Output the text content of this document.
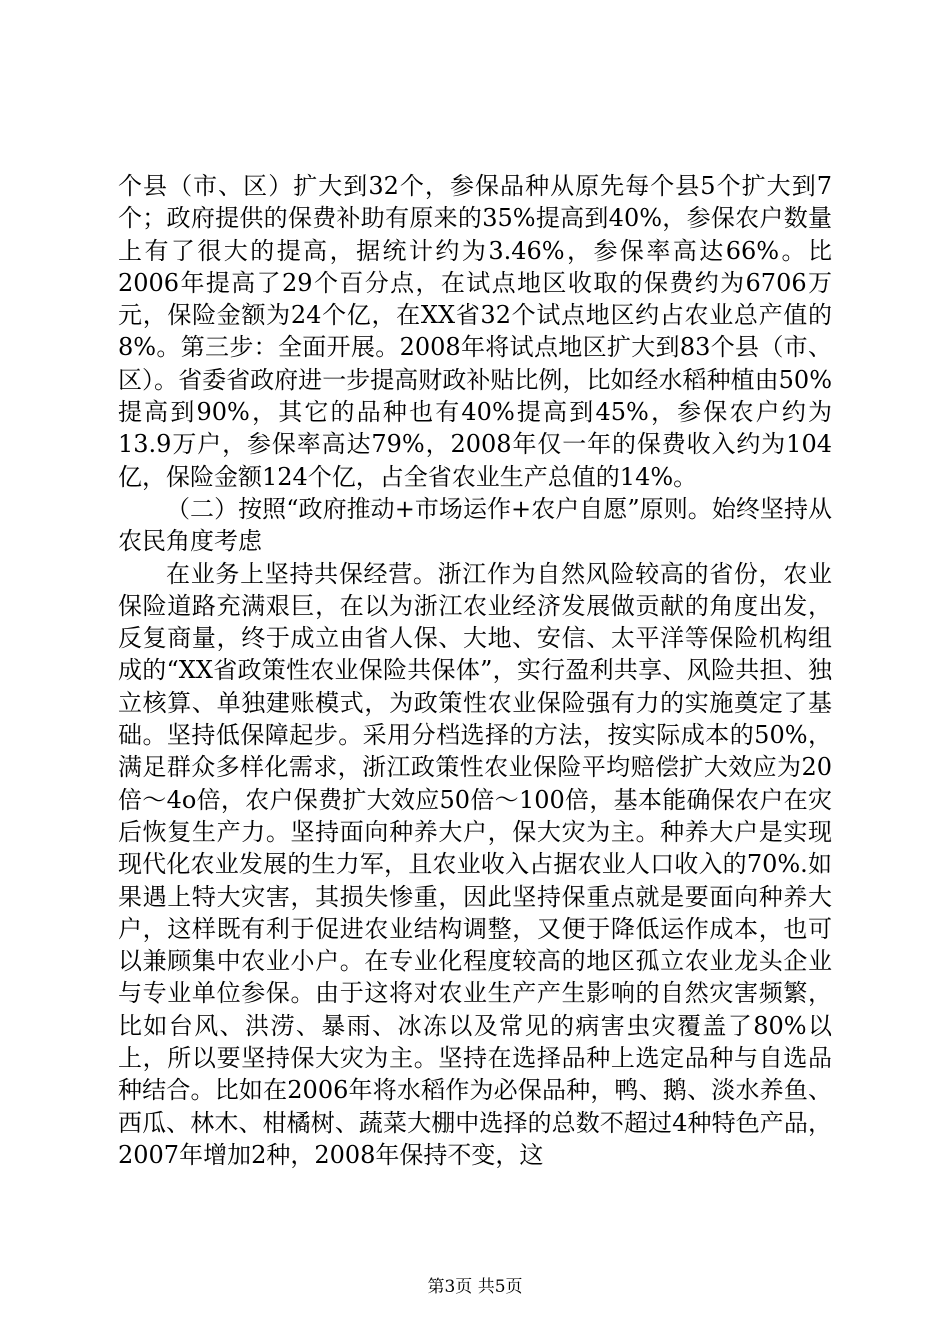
个县（市、区）扩大到32个，参保品种从原先每个县5个扩大到7个；政府提供的保费补助有原来的35%提高到40%，参保农户数量上有了很大的提高，据统计约为3.46%，参保率高达66%。比2006年提高了29个百分点，在试点地区收取的保费约为6706万元，保险金额为24个亿，在XX省32个试点地区约占农业总产值的8%。第三步：全面开展。2008年将试点地区扩大到83个县（市、区）。省委省政府进一步提高财政补贴比例，比如经水稻种植由50%提高到90%，其它的品种也有40%提高到45%，参保农户约为13.9万户，参保率高达79%，2008年仅一年的保费收入约为104亿，保险金额124个亿，占全省农业生产总值的14%。

（二）按照“政府推动+市场运作+农户自愿”原则。始终坚持从农民角度考虑

在业务上坚持共保经营。浙江作为自然风险较高的省份，农业保险道路充满艰巨，在以为浙江农业经济发展做贡献的角度出发，反复商量，终于成立由省人保、大地、安信、太平洋等保险机构组成的“XX省政策性农业保险共保体”，实行盈利共享、风险共担、独立核算、单独建账模式，为政策性农业保险强有力的实施奠定了基础。坚持低保障起步。采用分档选择的方法，按实际成本的50%，满足群众多样化需求，浙江政策性农业保险平均赔偿扩大效应为20倍～4o倍，农户保费扩大效应50倍～100倍，基本能确保农户在灾后恢复生产力。坚持面向种养大户，保大灾为主。种养大户是实现现代化农业发展的生力军，且农业收入占据农业人口收入的70%.如果遇上特大灾害，其损失惨重，因此坚持保重点就是要面向种养大户，这样既有利于促进农业结构调整，又便于降低运作成本，也可以兼顾集中农业小户。在专业化程度较高的地区孤立农业龙头企业与专业单位参保。由于这将对农业生产产生影响的自然灾害频繁，比如台风、洪涝、暴雨、冰冻以及常见的病害虫灾覆盖了80%以上，所以要坚持保大灾为主。坚持在选择品种上选定品种与自选品种结合。比如在2006年将水稻作为必保品种，鸭、鹅、淡水养鱼、西瓜、林木、柑橘树、蔬菜大棚中选择的总数不超过4种特色产品，2007年增加2种，2008年保持不变，这

第3页 共5页
